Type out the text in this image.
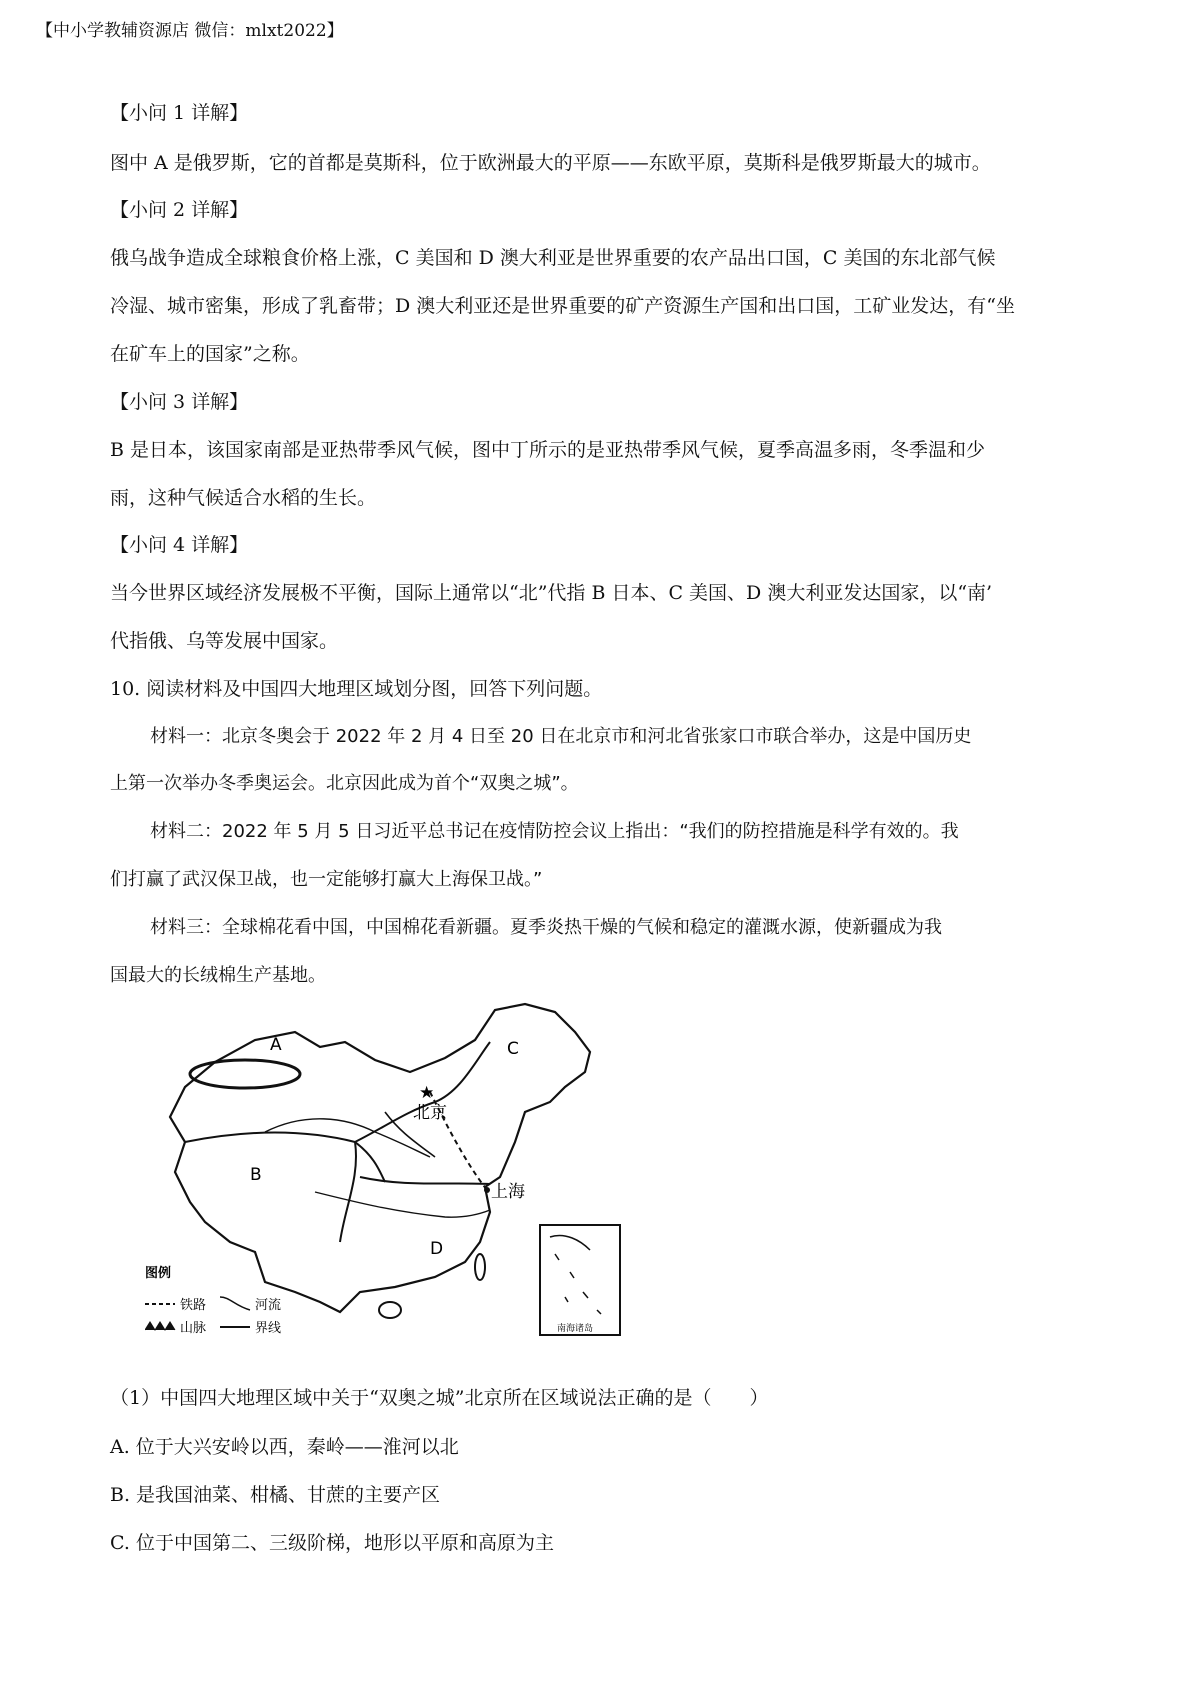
【中小学教辅资源店 微信：mlxt2022】
【小问 1 详解】
图中 A 是俄罗斯，它的首都是莫斯科，位于欧洲最大的平原——东欧平原，莫斯科是俄罗斯最大的城市。
【小问 2 详解】
俄乌战争造成全球粮食价格上涨，C 美国和 D 澳大利亚是世界重要的农产品出口国，C 美国的东北部气候
冷湿、城市密集，形成了乳畜带；D 澳大利亚还是世界重要的矿产资源生产国和出口国，工矿业发达，有“坐
在矿车上的国家”之称。
【小问 3 详解】
B 是日本，该国家南部是亚热带季风气候，图中丁所示的是亚热带季风气候，夏季高温多雨，冬季温和少
雨，这种气候适合水稻的生长。
【小问 4 详解】
当今世界区域经济发展极不平衡，国际上通常以“北”代指 B 日本、C 美国、D 澳大利亚发达国家，以“南’
代指俄、乌等发展中国家。
10. 阅读材料及中国四大地理区域划分图，回答下列问题。
材料一：北京冬奥会于 2022 年 2 月 4 日至 20 日在北京市和河北省张家口市联合举办，这是中国历史
上第一次举办冬季奥运会。北京因此成为首个“双奥之城”。
材料二：2022 年 5 月 5 日习近平总书记在疫情防控会议上指出：“我们的防控措施是科学有效的。我
们打赢了武汉保卫战，也一定能够打赢大上海保卫战。”
材料三：全球棉花看中国，中国棉花看新疆。夏季炎热干燥的气候和稳定的灌溉水源，使新疆成为我
国最大的长绒棉生产基地。
A
B
C
D
★
北京
上海
南海诸岛
图例
铁路	河流
山脉	界线
（1）中国四大地理区域中关于“双奥之城”北京所在区域说法正确的是（　　）
A. 位于大兴安岭以西，秦岭——淮河以北
B. 是我国油菜、柑橘、甘蔗的主要产区
C. 位于中国第二、三级阶梯，地形以平原和高原为主
